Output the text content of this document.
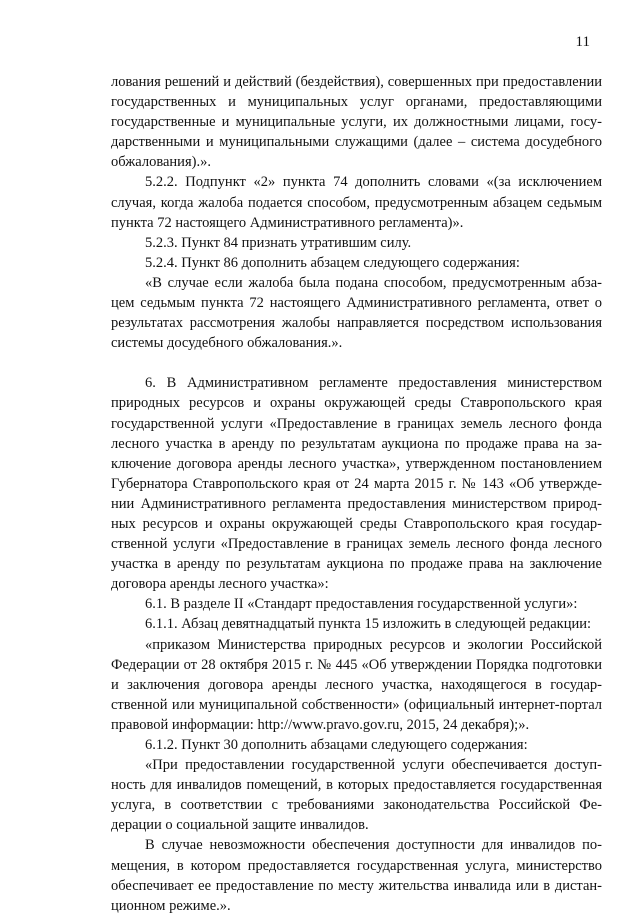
11

лования решений и действий (бездействия), совершенных при предоставлении государственных и муниципальных услуг органами, предоставляющими государственные и муниципальные услуги, их должностными лицами, государственными и муниципальными служащими (далее – система досудебного обжалования).».

5.2.2. Подпункт «2» пункта 74 дополнить словами «(за исключением случая, когда жалоба подается способом, предусмотренным абзацем седьмым пункта 72 настоящего Административного регламента)».

5.2.3. Пункт 84 признать утратившим силу.

5.2.4. Пункт 86 дополнить абзацем следующего содержания:

«В случае если жалоба была подана способом, предусмотренным абзацем седьмым пункта 72 настоящего Административного регламента, ответ о результатах рассмотрения жалобы направляется посредством использования системы досудебного обжалования.».

6. В Административном регламенте предоставления министерством природных ресурсов и охраны окружающей среды Ставропольского края государственной услуги «Предоставление в границах земель лесного фонда лесного участка в аренду по результатам аукциона по продаже права на заключение договора аренды лесного участка», утвержденном постановлением Губернатора Ставропольского края от 24 марта 2015 г. № 143 «Об утверждении Административного регламента предоставления министерством природных ресурсов и охраны окружающей среды Ставропольского края государственной услуги «Предоставление в границах земель лесного фонда лесного участка в аренду по результатам аукциона по продаже права на заключение договора аренды лесного участка»:

6.1. В разделе II «Стандарт предоставления государственной услуги»:

6.1.1. Абзац девятнадцатый пункта 15 изложить в следующей редакции:

«приказом Министерства природных ресурсов и экологии Российской Федерации от 28 октября 2015 г. № 445 «Об утверждении Порядка подготовки и заключения договора аренды лесного участка, находящегося в государственной или муниципальной собственности» (официальный интернет-портал правовой информации: http://www.pravo.gov.ru, 2015, 24 декабря);».

6.1.2. Пункт 30 дополнить абзацами следующего содержания:

«При предоставлении государственной услуги обеспечивается доступность для инвалидов помещений, в которых предоставляется государственная услуга, в соответствии с требованиями законодательства Российской Федерации о социальной защите инвалидов.

В случае невозможности обеспечения доступности для инвалидов помещения, в котором предоставляется государственная услуга, министерство обеспечивает ее предоставление по месту жительства инвалида или в дистанционном режиме.».
